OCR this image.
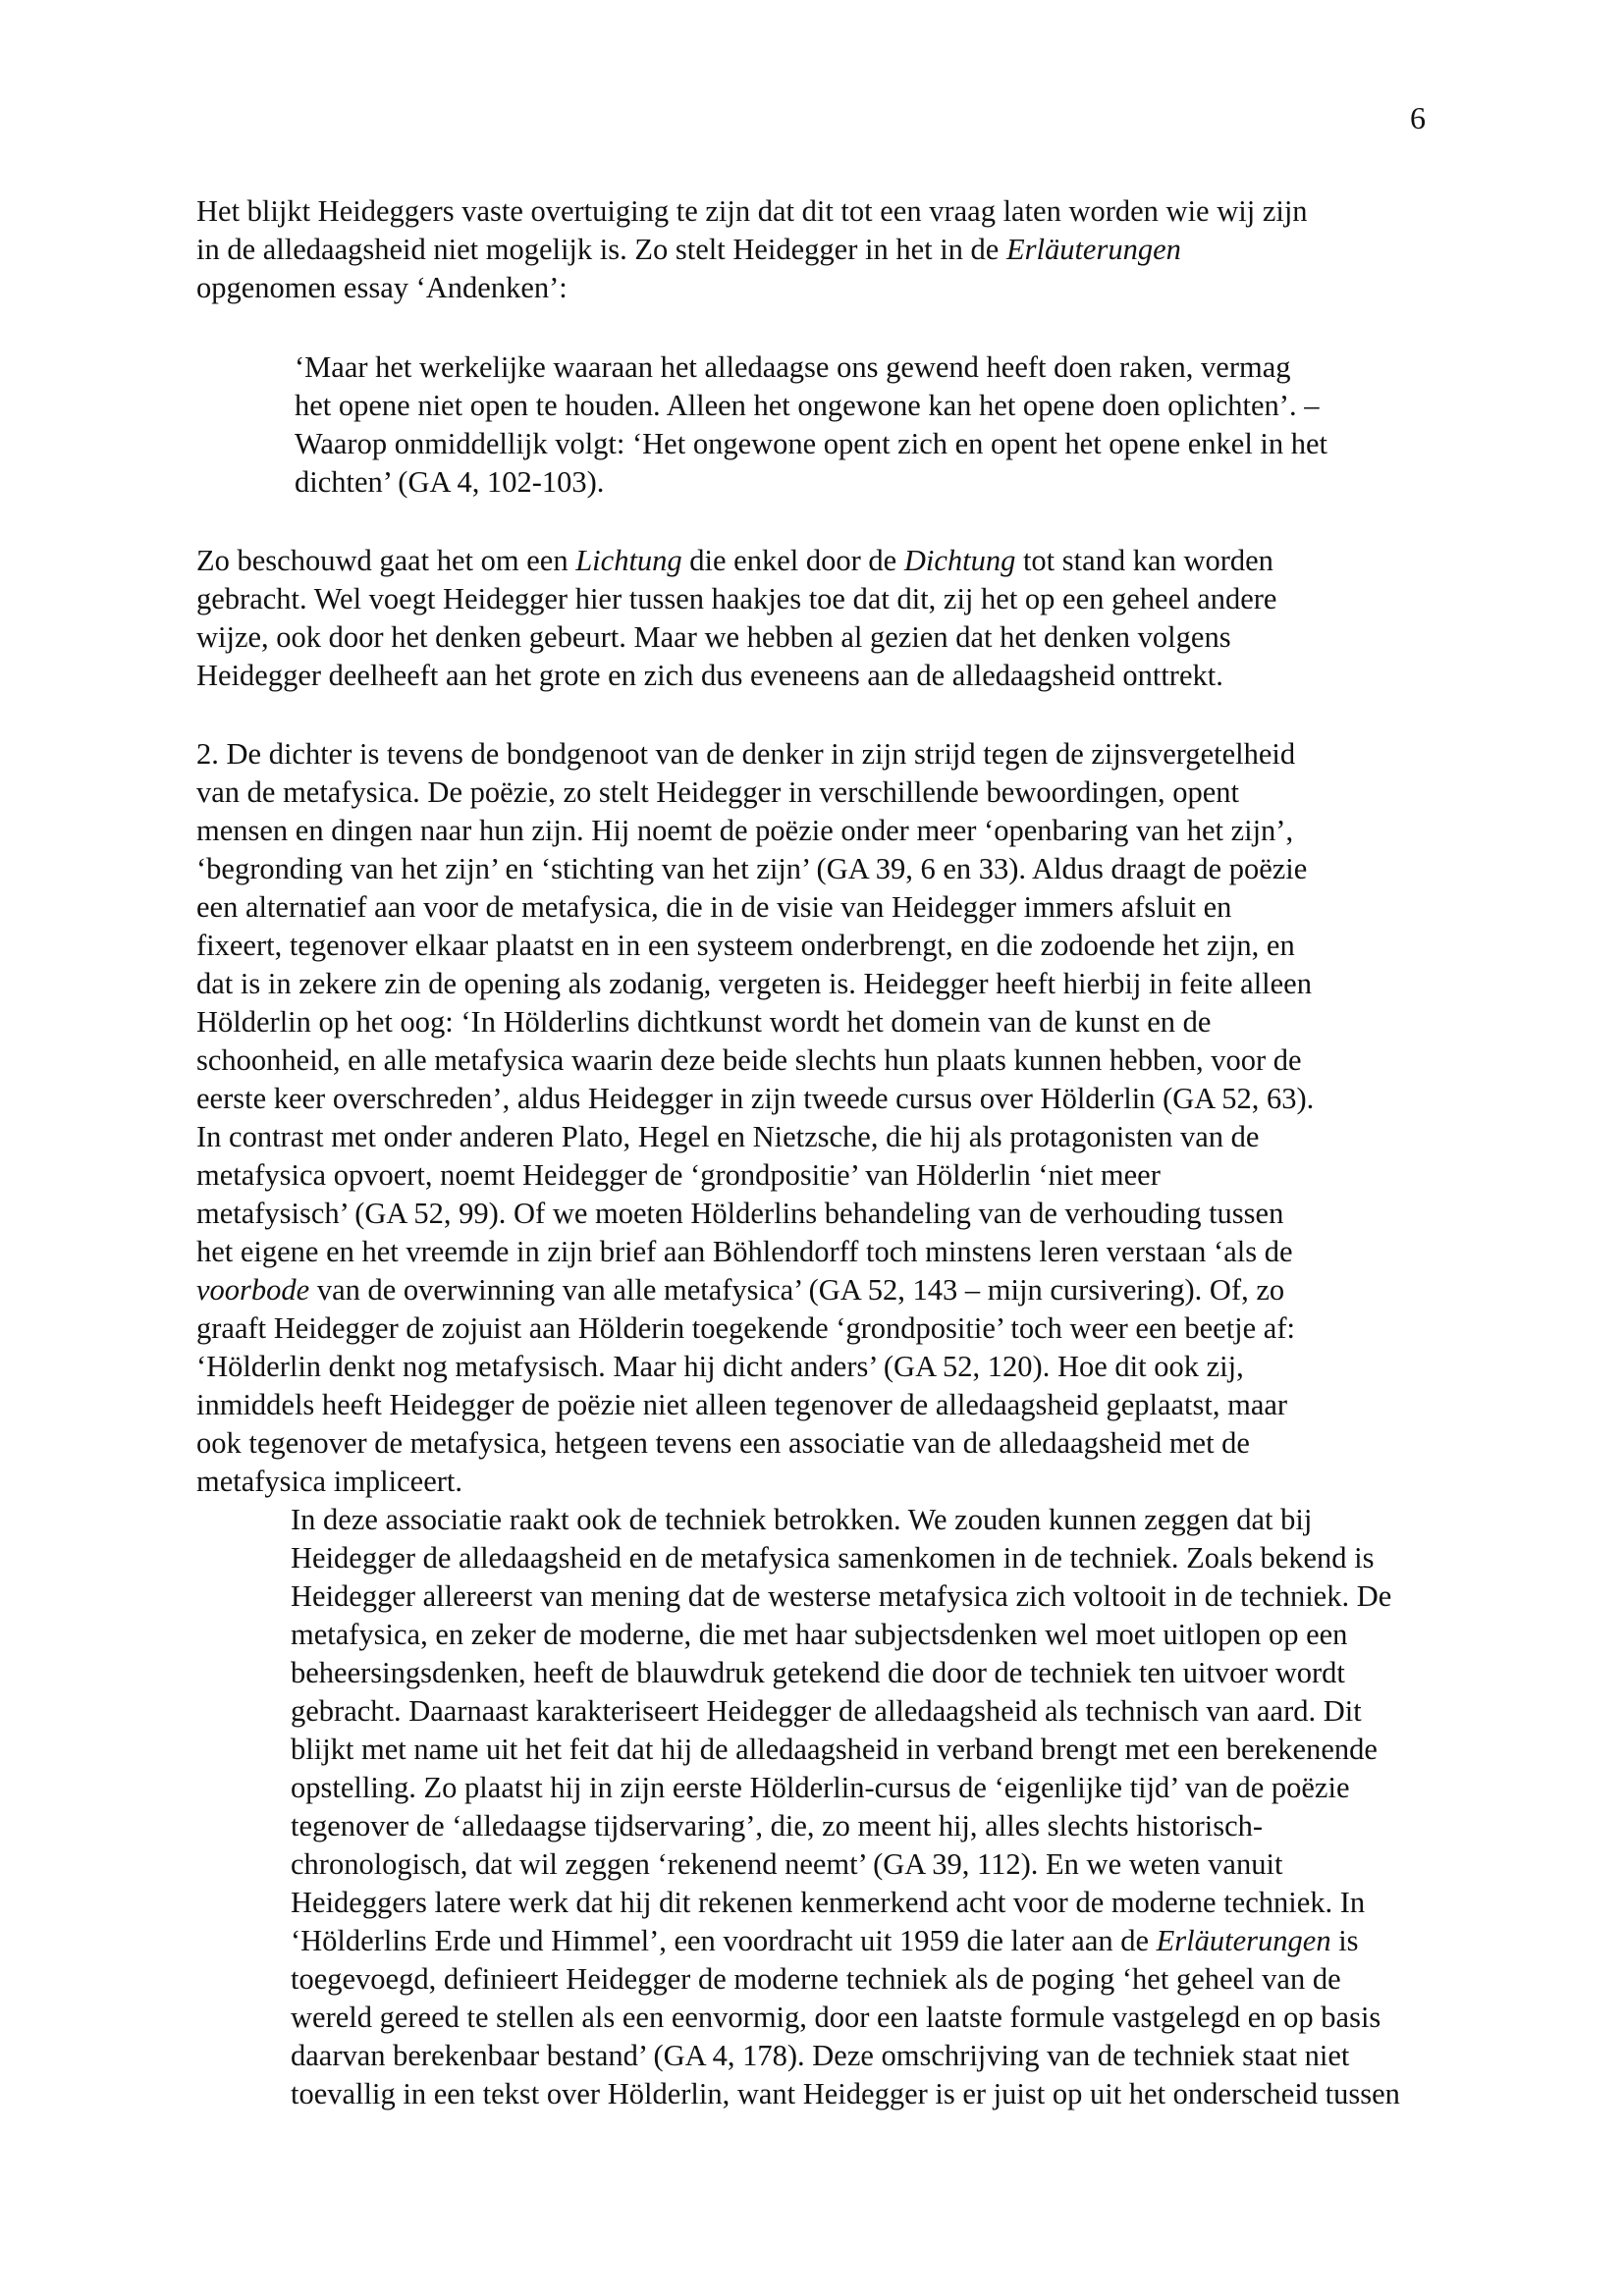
6

Het blijkt Heideggers vaste overtuiging te zijn dat dit tot een vraag laten worden wie wij zijn
in de alledaagsheid niet mogelijk is. Zo stelt Heidegger in het in de Erläuterungen
opgenomen essay ‘Andenken’:

‘Maar het werkelijke waaraan het alledaagse ons gewend heeft doen raken, vermag
het opene niet open te houden. Alleen het ongewone kan het opene doen oplichten’. –
Waarop onmiddellijk volgt: ‘Het ongewone opent zich en opent het opene enkel in het
dichten’ (GA 4, 102-103).

Zo beschouwd gaat het om een Lichtung die enkel door de Dichtung tot stand kan worden
gebracht. Wel voegt Heidegger hier tussen haakjes toe dat dit, zij het op een geheel andere
wijze, ook door het denken gebeurt. Maar we hebben al gezien dat het denken volgens
Heidegger deelheeft aan het grote en zich dus eveneens aan de alledaagsheid onttrekt.

2. De dichter is tevens de bondgenoot van de denker in zijn strijd tegen de zijnsvergetelheid
van de metafysica. De poëzie, zo stelt Heidegger in verschillende bewoordingen, opent
mensen en dingen naar hun zijn. Hij noemt de poëzie onder meer ‘openbaring van het zijn’,
‘begronding van het zijn’ en ‘stichting van het zijn’ (GA 39, 6 en 33). Aldus draagt de poëzie
een alternatief aan voor de metafysica, die in de visie van Heidegger immers afsluit en
fixeert, tegenover elkaar plaatst en in een systeem onderbrengt, en die zodoende het zijn, en
dat is in zekere zin de opening als zodanig, vergeten is. Heidegger heeft hierbij in feite alleen
Hölderlin op het oog: ‘In Hölderlins dichtkunst wordt het domein van de kunst en de
schoonheid, en alle metafysica waarin deze beide slechts hun plaats kunnen hebben, voor de
eerste keer overschreden’, aldus Heidegger in zijn tweede cursus over Hölderlin (GA 52, 63).
In contrast met onder anderen Plato, Hegel en Nietzsche, die hij als protagonisten van de
metafysica opvoert, noemt Heidegger de ‘grondpositie’ van Hölderlin ‘niet meer
metafysisch’ (GA 52, 99). Of we moeten Hölderlins behandeling van de verhouding tussen
het eigene en het vreemde in zijn brief aan Böhlendorff toch minstens leren verstaan ‘als de
voorbode van de overwinning van alle metafysica’ (GA 52, 143 – mijn cursivering). Of, zo
graaft Heidegger de zojuist aan Hölderin toegekende ‘grondpositie’ toch weer een beetje af:
‘Hölderlin denkt nog metafysisch. Maar hij dicht anders’ (GA 52, 120). Hoe dit ook zij,
inmiddels heeft Heidegger de poëzie niet alleen tegenover de alledaagsheid geplaatst, maar
ook tegenover de metafysica, hetgeen tevens een associatie van de alledaagsheid met de
metafysica impliceert.

In deze associatie raakt ook de techniek betrokken. We zouden kunnen zeggen dat bij
Heidegger de alledaagsheid en de metafysica samenkomen in de techniek. Zoals bekend is
Heidegger allereerst van mening dat de westerse metafysica zich voltooit in de techniek. De
metafysica, en zeker de moderne, die met haar subjectsdenken wel moet uitlopen op een
beheersingsdenken, heeft de blauwdruk getekend die door de techniek ten uitvoer wordt
gebracht. Daarnaast karakteriseert Heidegger de alledaagsheid als technisch van aard. Dit
blijkt met name uit het feit dat hij de alledaagsheid in verband brengt met een berekenende
opstelling. Zo plaatst hij in zijn eerste Hölderlin-cursus de ‘eigenlijke tijd’ van de poëzie
tegenover de ‘alledaagse tijdservaring’, die, zo meent hij, alles slechts historisch-
chronologisch, dat wil zeggen ‘rekenend neemt’ (GA 39, 112). En we weten vanuit
Heideggers latere werk dat hij dit rekenen kenmerkend acht voor de moderne techniek. In
‘Hölderlins Erde und Himmel’, een voordracht uit 1959 die later aan de Erläuterungen is
toegevoegd, definieert Heidegger de moderne techniek als de poging ‘het geheel van de
wereld gereed te stellen als een eenvormig, door een laatste formule vastgelegd en op basis
daarvan berekenbaar bestand’ (GA 4, 178). Deze omschrijving van de techniek staat niet
toevallig in een tekst over Hölderlin, want Heidegger is er juist op uit het onderscheid tussen
